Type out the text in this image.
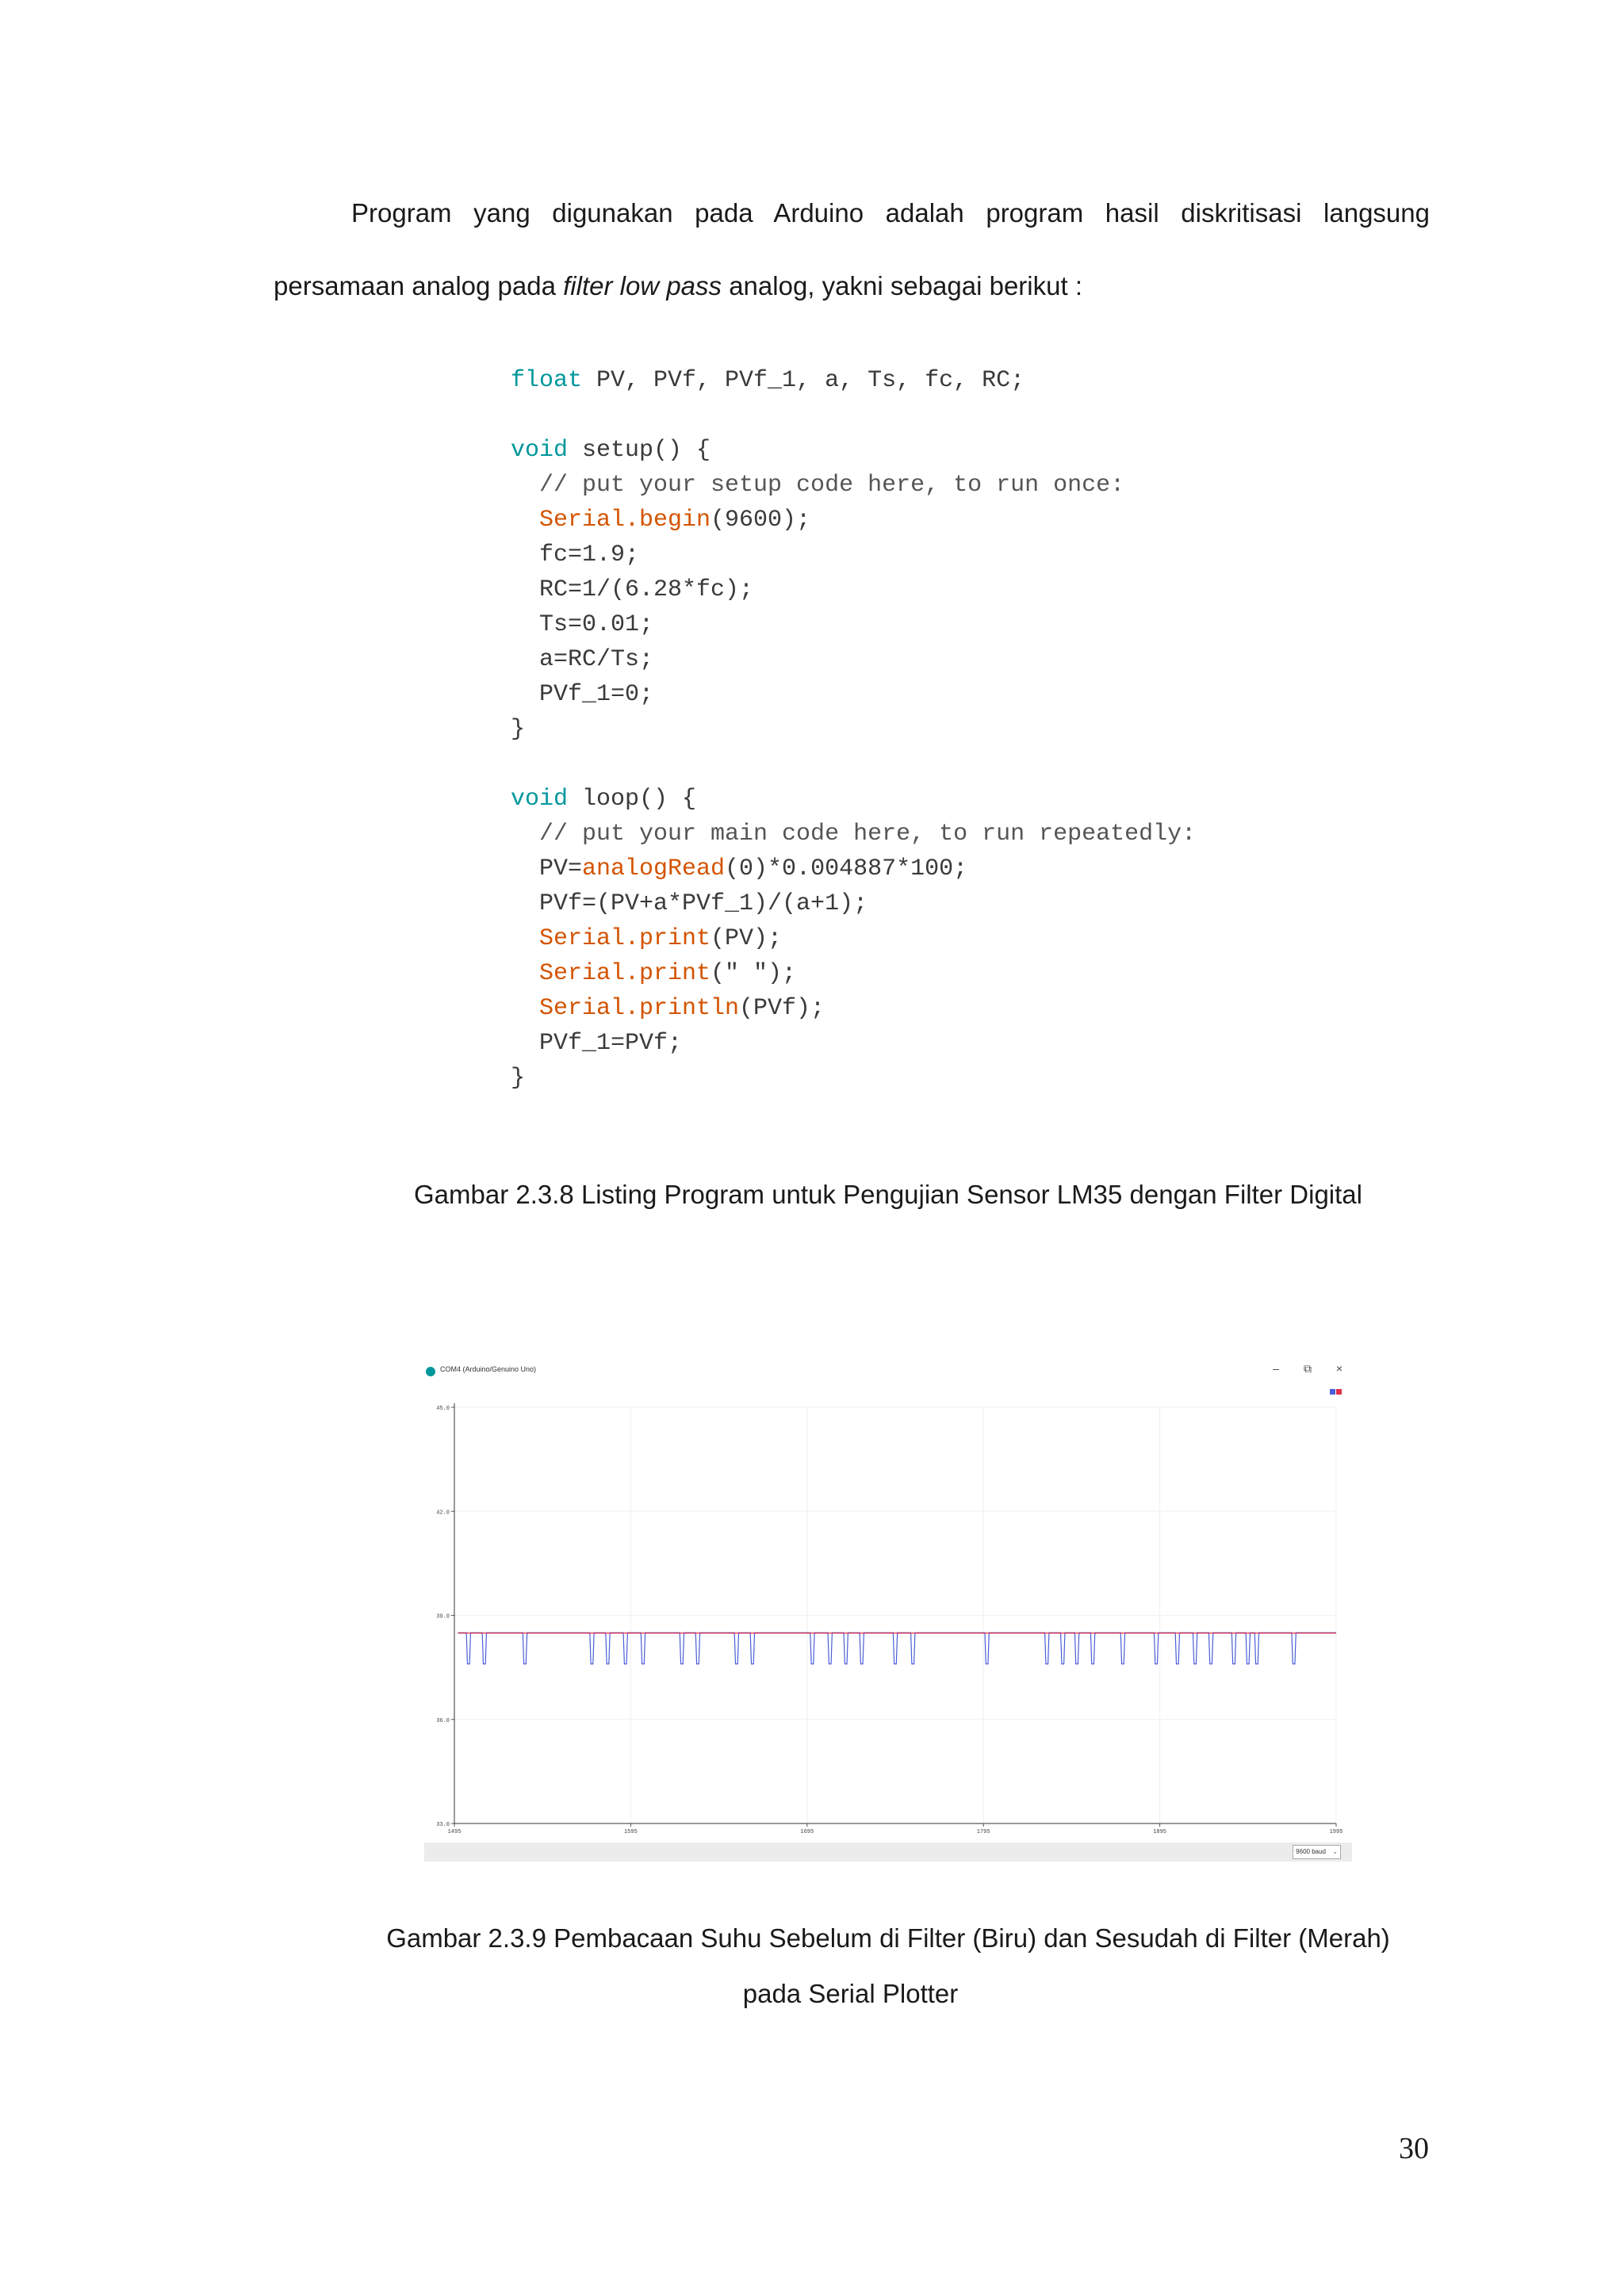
Program yang digunakan pada Arduino adalah program hasil diskritisasi langsung
persamaan analog pada filter low pass analog, yakni sebagai berikut :
float PV, PVf, PVf_1, a, Ts, fc, RC;
void setup() {
// put your setup code here, to run once:
Serial.begin(9600);
fc=1.9;
RC=1/(6.28*fc);
Ts=0.01;
a=RC/Ts;
PVf_1=0;
}
void loop() {
// put your main code here, to run repeatedly:
PV=analogRead(0)*0.004887*100;
PVf=(PV+a*PVf_1)/(a+1);
Serial.print(PV);
Serial.print(" ");
Serial.println(PVf);
PVf_1=PVf;
}
Gambar 2.3.8 Listing Program untuk Pengujian Sensor LM35 dengan Filter Digital
COM4 (Arduino/Genuino Uno)	–	⧉	×
45.0
42.0
39.0
36.0
33.0
1495	1595	1695	1795	1895	1995
9600 baud ⌄
Gambar 2.3.9 Pembacaan Suhu Sebelum di Filter (Biru) dan Sesudah di Filter (Merah)
pada Serial Plotter
30
